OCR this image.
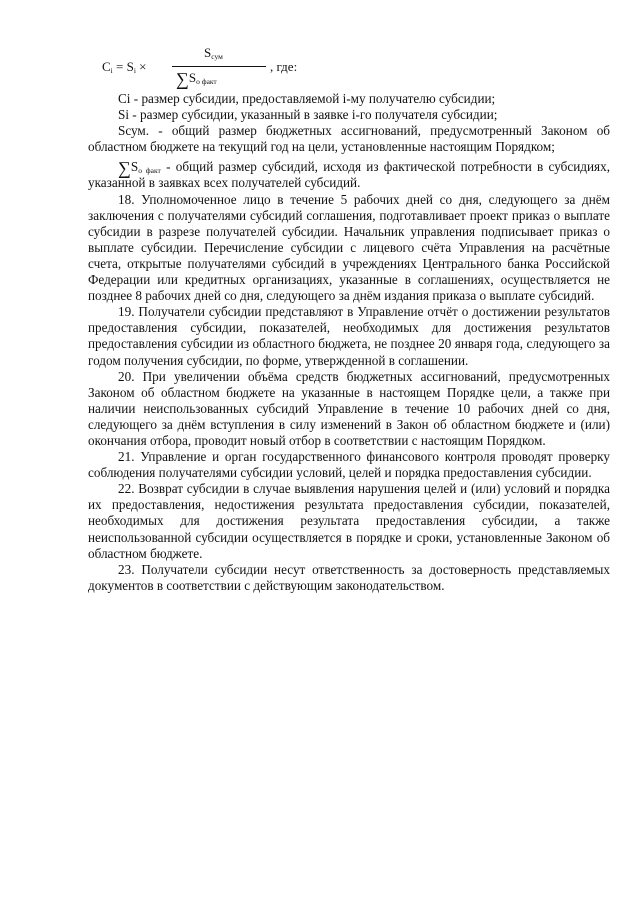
$C_i = S_i$ ×
$S_{сум}$
$\sum S_{о факт}$
, где:

Ci - размер субсидии, предоставляемой i-му получателю субсидии;

Si - размер субсидии, указанный в заявке i-го получателя субсидии;

Sсум. - общий размер бюджетных ассигнований, предусмотренный Законом об областном бюджете на текущий год на цели, установленные настоящим Порядком;

$\sum S_{о факт}$ - общий размер субсидий, исходя из фактической потребности в субсидиях, указанной в заявках всех получателей субсидий.

18. Уполномоченное лицо в течение 5 рабочих дней со дня, следующего за днём заключения с получателями субсидий соглашения, подготавливает проект приказ о выплате субсидии в разрезе получателей субсидии. Начальник управления подписывает приказ о выплате субсидии. Перечисление субсидии с лицевого счёта Управления на расчётные счета, открытые получателями субсидий в учреждениях Центрального банка Российской Федерации или кредитных организациях, указанные в соглашениях, осуществляется не позднее 8 рабочих дней со дня, следующего за днём издания приказа о выплате субсидий.

19. Получатели субсидии представляют в Управление отчёт о достижении результатов предоставления субсидии, показателей, необходимых для достижения результатов предоставления субсидии из областного бюджета, не позднее 20 января года, следующего за годом получения субсидии, по форме, утвержденной в соглашении.

20. При увеличении объёма средств бюджетных ассигнований, предусмотренных Законом об областном бюджете на указанные в настоящем Порядке цели, а также при наличии неиспользованных субсидий Управление в течение 10 рабочих дней со дня, следующего за днём вступления в силу изменений в Закон об областном бюджете и (или) окончания отбора, проводит новый отбор в соответствии с настоящим Порядком.

21. Управление и орган государственного финансового контроля проводят проверку соблюдения получателями субсидии условий, целей и порядка предоставления субсидии.

22. Возврат субсидии в случае выявления нарушения целей и (или) условий и порядка их предоставления, недостижения результата предоставления субсидии, показателей, необходимых для достижения результата предоставления субсидии, а также неиспользованной субсидии осуществляется в порядке и сроки, установленные Законом об областном бюджете.

23. Получатели субсидии несут ответственность за достоверность представляемых документов в соответствии с действующим законодательством.
